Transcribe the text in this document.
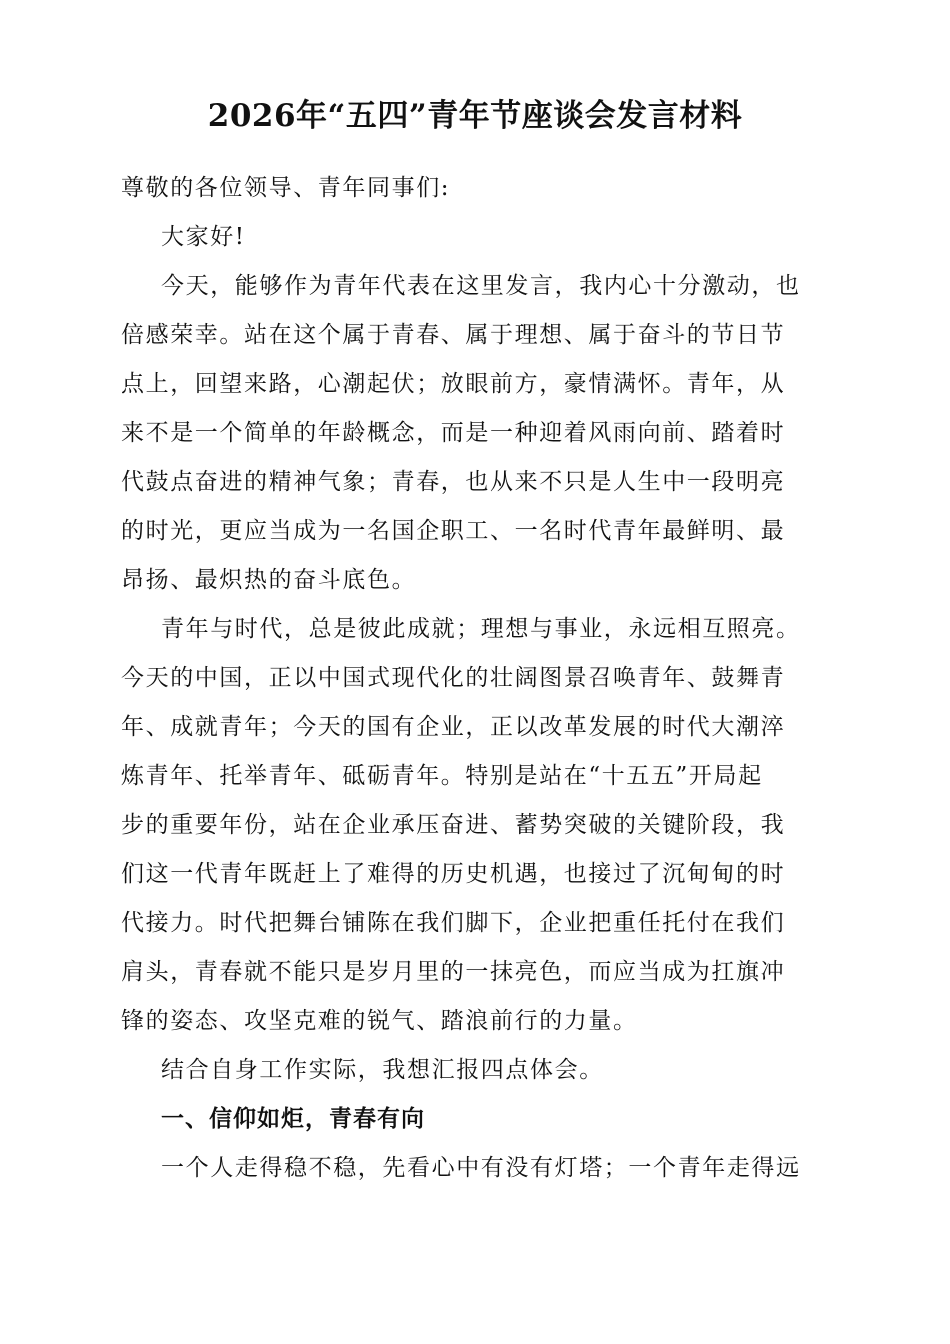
2026年“五四”青年节座谈会发言材料
尊敬的各位领导、青年同事们:
大家好!
今天，能够作为青年代表在这里发言，我内心十分激动，也
倍感荣幸。站在这个属于青春、属于理想、属于奋斗的节日节
点上，回望来路，心潮起伏；放眼前方，豪情满怀。青年，从
来不是一个简单的年龄概念，而是一种迎着风雨向前、踏着时
代鼓点奋进的精神气象；青春，也从来不只是人生中一段明亮
的时光，更应当成为一名国企职工、一名时代青年最鲜明、最
昂扬、最炽热的奋斗底色。
青年与时代，总是彼此成就；理想与事业，永远相互照亮。
今天的中国，正以中国式现代化的壮阔图景召唤青年、鼓舞青
年、成就青年；今天的国有企业，正以改革发展的时代大潮淬
炼青年、托举青年、砥砺青年。特别是站在“十五五”开局起
步的重要年份，站在企业承压奋进、蓄势突破的关键阶段，我
们这一代青年既赶上了难得的历史机遇，也接过了沉甸甸的时
代接力。时代把舞台铺陈在我们脚下，企业把重任托付在我们
肩头，青春就不能只是岁月里的一抹亮色，而应当成为扛旗冲
锋的姿态、攻坚克难的锐气、踏浪前行的力量。
结合自身工作实际，我想汇报四点体会。
一、信仰如炬，青春有向
一个人走得稳不稳，先看心中有没有灯塔；一个青年走得远
